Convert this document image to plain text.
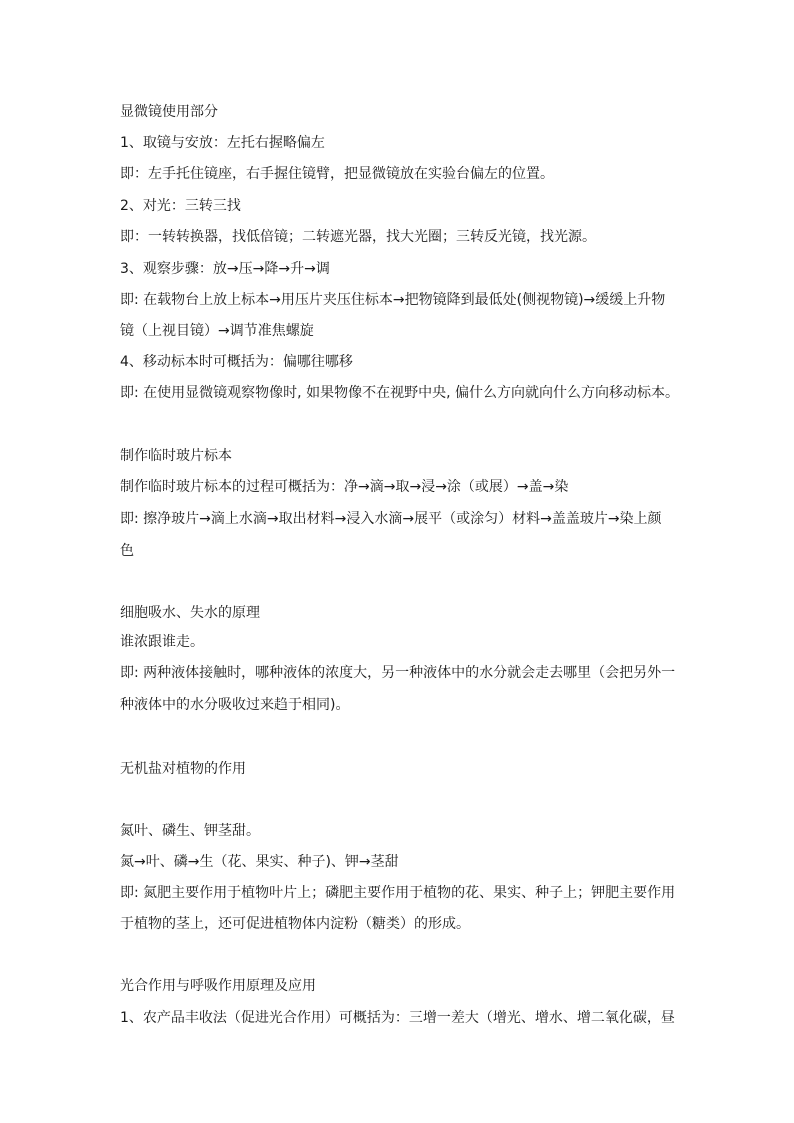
显微镜使用部分
1、取镜与安放：左托右握略偏左
即：左手托住镜座，右手握住镜臂，把显微镜放在实验台偏左的位置。
2、对光：三转三找
即：一转转换器，找低倍镜；二转遮光器，找大光圈；三转反光镜，找光源。
3、观察步骤：放→压→降→升→调
即: 在载物台上放上标本→用压片夹压住标本→把物镜降到最低处(侧视物镜)→缓缓上升物
镜（上视目镜）→调节准焦螺旋
4、移动标本时可概括为：偏哪往哪移
即: 在使用显微镜观察物像时, 如果物像不在视野中央, 偏什么方向就向什么方向移动标本。
制作临时玻片标本
制作临时玻片标本的过程可概括为：净→滴→取→浸→涂（或展）→盖→染
即: 擦净玻片→滴上水滴→取出材料→浸入水滴→展平（或涂匀）材料→盖盖玻片→染上颜
色
细胞吸水、失水的原理
谁浓跟谁走。
即: 两种液体接触时，哪种液体的浓度大，另一种液体中的水分就会走去哪里（会把另外一
种液体中的水分吸收过来趋于相同)。
无机盐对植物的作用
氮叶、磷生、钾茎甜。
氮→叶、磷→生（花、果实、种子)、钾→茎甜
即: 氮肥主要作用于植物叶片上；磷肥主要作用于植物的花、果实、种子上；钾肥主要作用
于植物的茎上，还可促进植物体内淀粉（糖类）的形成。
光合作用与呼吸作用原理及应用
1、农产品丰收法（促进光合作用）可概括为：三增一差大（增光、增水、增二氧化碳，昼
